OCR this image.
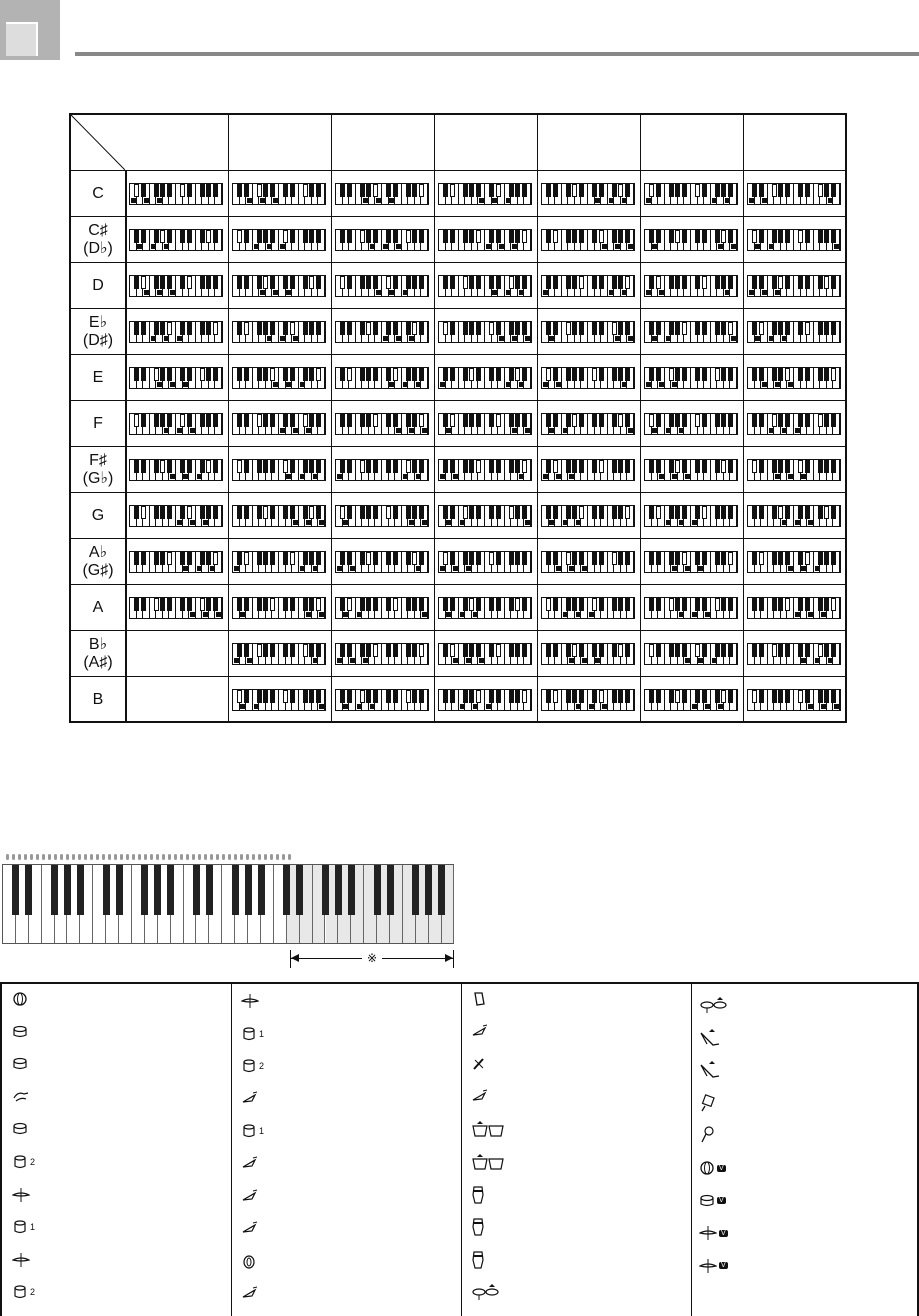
C
C♯
(D♭)
D
E♭
(D♯)
E
F
F♯
(G♭)
G
A♭
(G♯)
A
B♭
(A♯)
B
※
2
1
2
1
2
1
V
V
V
V
